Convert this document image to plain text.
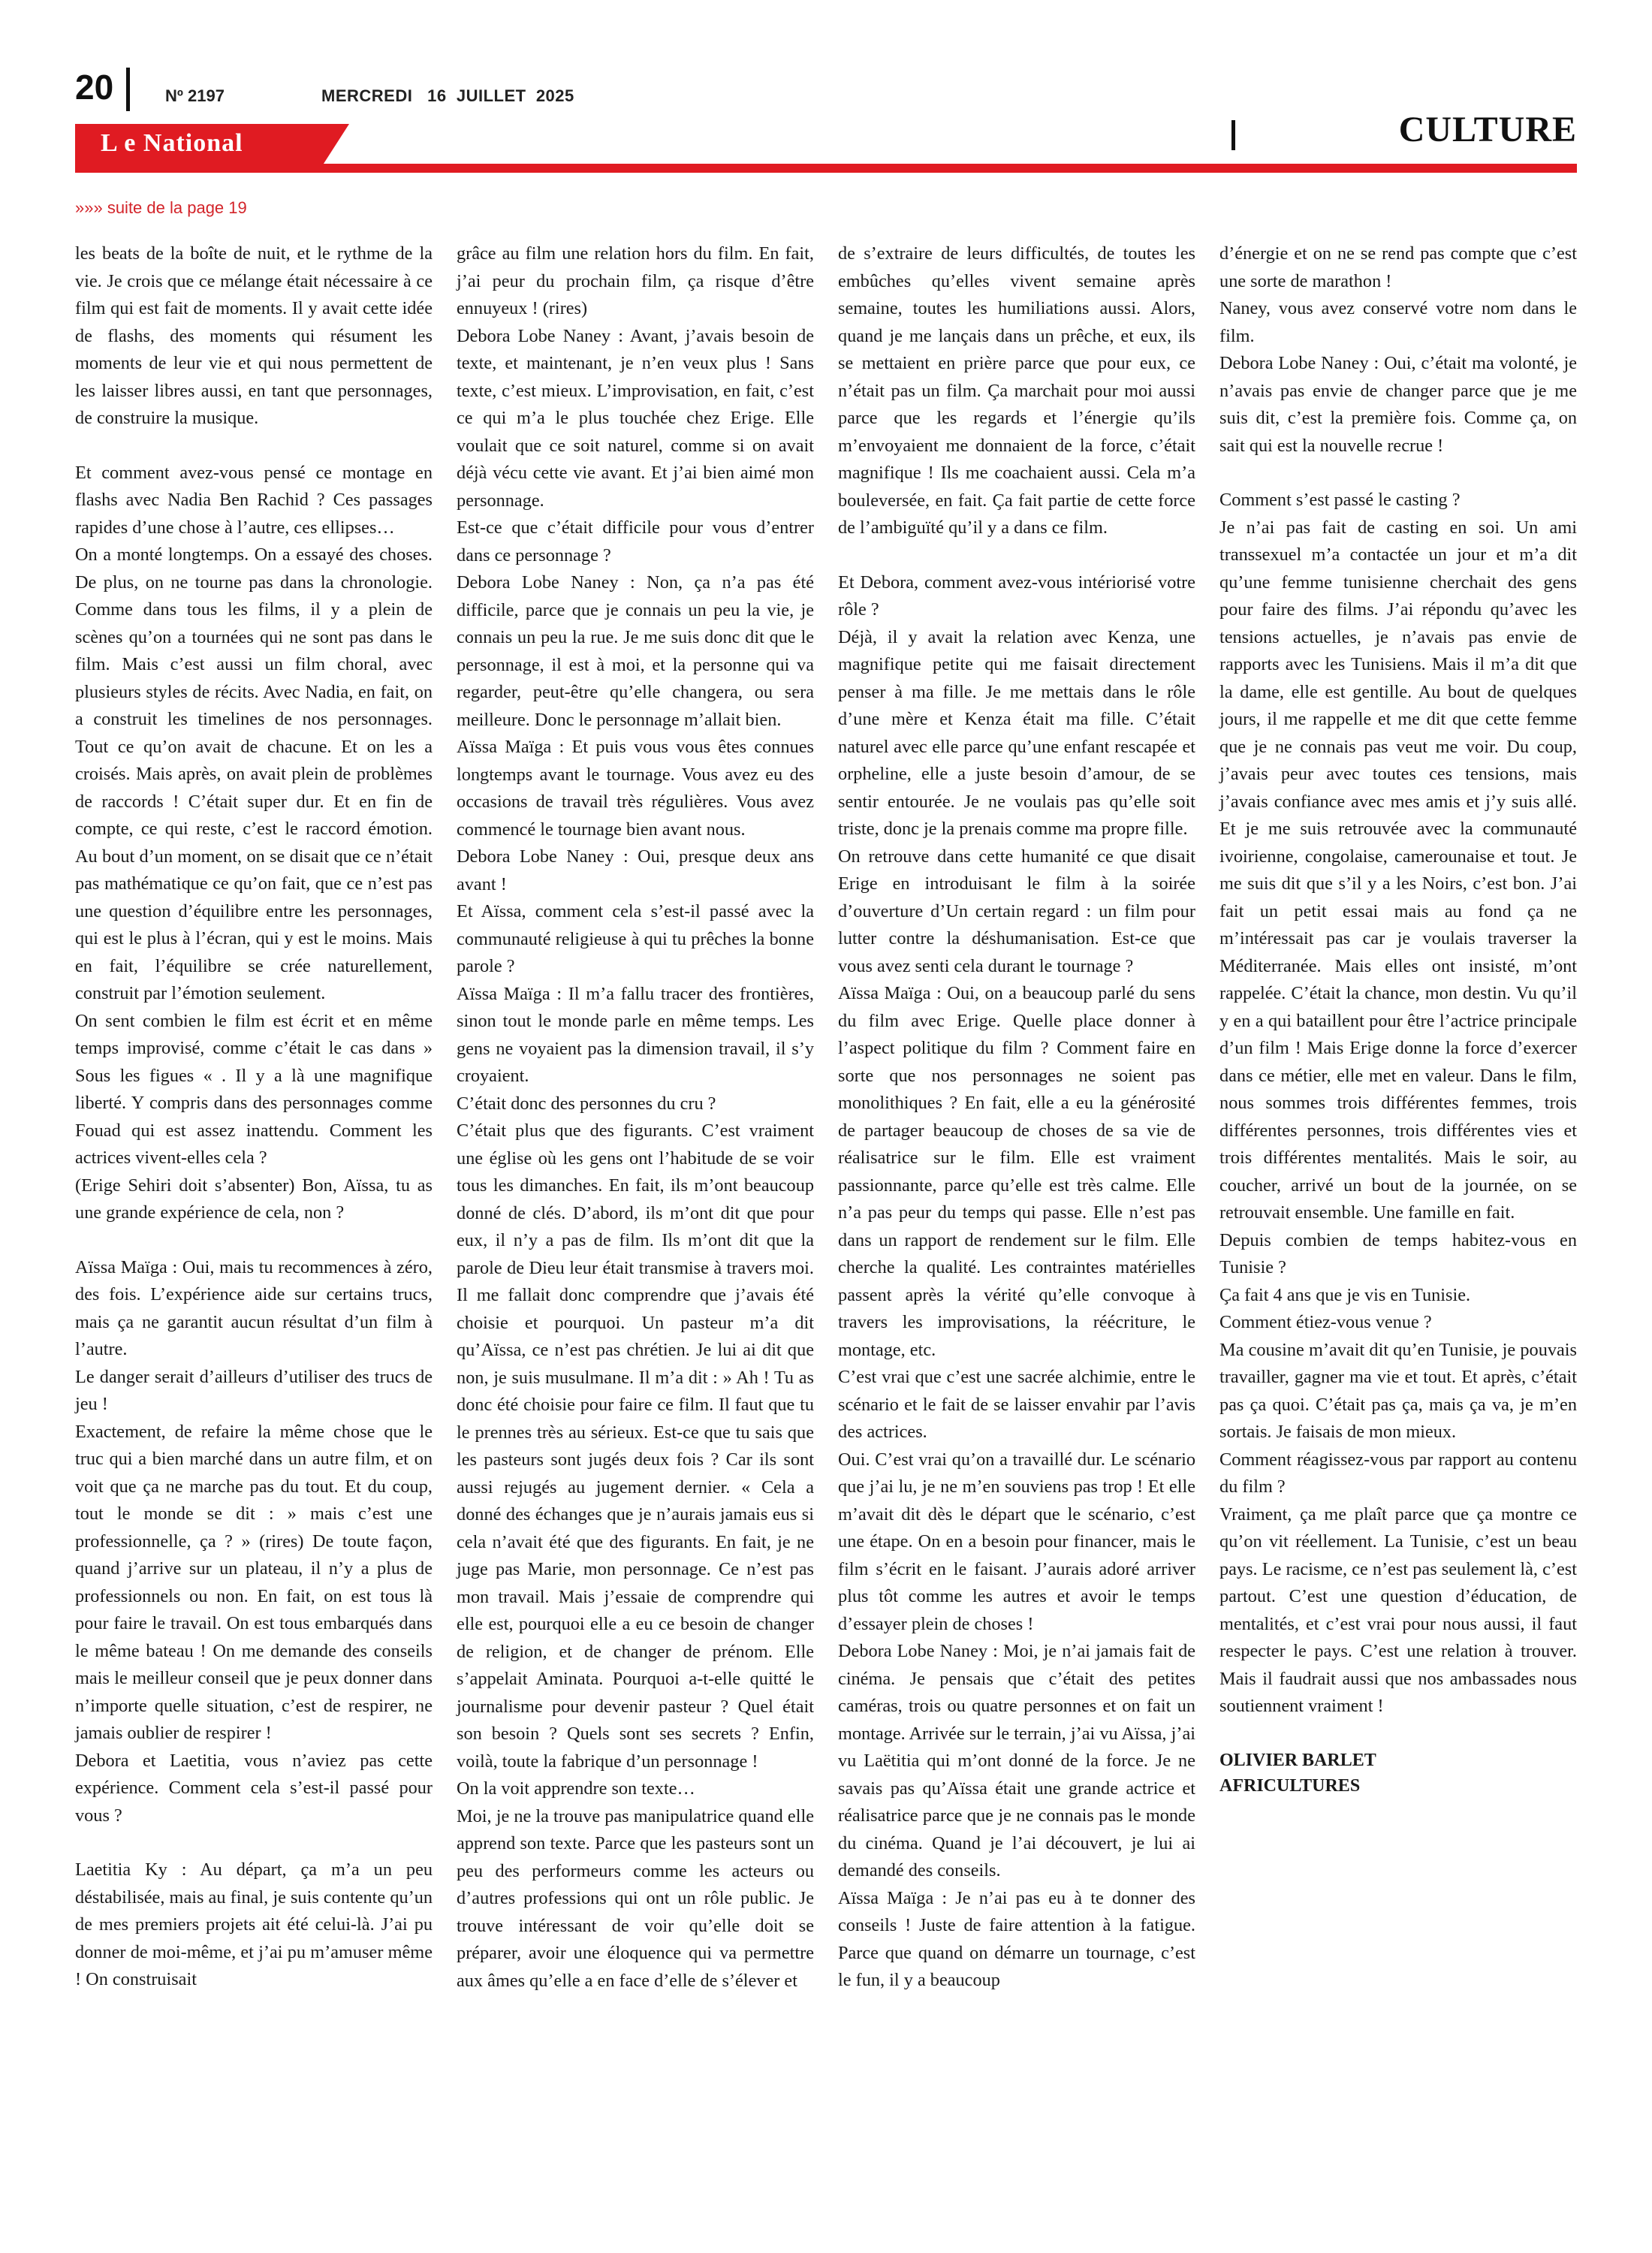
20	Nº 2197	MERCREDI   16  JUILLET  2025
L e National	CULTURE
»»» suite de la page 19

les beats de la boîte de nuit, et le rythme de la vie. Je crois que ce mélange était nécessaire à ce film qui est fait de moments. Il y avait cette idée de flashs, des moments qui résument les moments de leur vie et qui nous permettent de les laisser libres aussi, en tant que personnages, de construire la musique.

Et comment avez-vous pensé ce montage en flashs avec Nadia Ben Rachid ? Ces passages rapides d’une chose à l’autre, ces ellipses…

On a monté longtemps. On a essayé des choses. De plus, on ne tourne pas dans la chronologie. Comme dans tous les films, il y a plein de scènes qu’on a tournées qui ne sont pas dans le film. Mais c’est aussi un film choral, avec plusieurs styles de récits. Avec Nadia, en fait, on a construit les timelines de nos personnages. Tout ce qu’on avait de chacune. Et on les a croisés. Mais après, on avait plein de problèmes de raccords ! C’était super dur. Et en fin de compte, ce qui reste, c’est le raccord émotion. Au bout d’un moment, on se disait que ce n’était pas mathématique ce qu’on fait, que ce n’est pas une question d’équilibre entre les personnages, qui est le plus à l’écran, qui y est le moins. Mais en fait, l’équilibre se crée naturellement, construit par l’émotion seulement.

On sent combien le film est écrit et en même temps improvisé, comme c’était le cas dans » Sous les figues « . Il y a là une magnifique liberté. Y compris dans des personnages comme Fouad qui est assez inattendu. Comment les actrices vivent-elles cela ?

(Erige Sehiri doit s’absenter) Bon, Aïssa, tu as une grande expérience de cela, non ?

Aïssa Maïga : Oui, mais tu recommences à zéro, des fois. L’expérience aide sur certains trucs, mais ça ne garantit aucun résultat d’un film à l’autre.

Le danger serait d’ailleurs d’utiliser des trucs de jeu !

Exactement, de refaire la même chose que le truc qui a bien marché dans un autre film, et on voit que ça ne marche pas du tout. Et du coup, tout le monde se dit : » mais c’est une professionnelle, ça ? » (rires) De toute façon, quand j’arrive sur un plateau, il n’y a plus de professionnels ou non. En fait, on est tous là pour faire le travail. On est tous embarqués dans le même bateau ! On me demande des conseils mais le meilleur conseil que je peux donner dans n’importe quelle situation, c’est de respirer, ne jamais oublier de respirer !

Debora et Laetitia, vous n’aviez pas cette expérience. Comment cela s’est-il passé pour vous ?

Laetitia Ky : Au départ, ça m’a un peu déstabilisée, mais au final, je suis contente qu’un de mes premiers projets ait été celui-là. J’ai pu donner de moi-même, et j’ai pu m’amuser même ! On construisait

grâce au film une relation hors du film. En fait, j’ai peur du prochain film, ça risque d’être ennuyeux ! (rires)

Debora Lobe Naney : Avant, j’avais besoin de texte, et maintenant, je n’en veux plus ! Sans texte, c’est mieux. L’improvisation, en fait, c’est ce qui m’a le plus touchée chez Erige. Elle voulait que ce soit naturel, comme si on avait déjà vécu cette vie avant. Et j’ai bien aimé mon personnage.

Est-ce que c’était difficile pour vous d’entrer dans ce personnage ?

Debora Lobe Naney : Non, ça n’a pas été difficile, parce que je connais un peu la vie, je connais un peu la rue. Je me suis donc dit que le personnage, il est à moi, et la personne qui va regarder, peut-être qu’elle changera, ou sera meilleure. Donc le personnage m’allait bien.

Aïssa Maïga : Et puis vous vous êtes connues longtemps avant le tournage. Vous avez eu des occasions de travail très régulières. Vous avez commencé le tournage bien avant nous.

Debora Lobe Naney : Oui, presque deux ans avant !

Et Aïssa, comment cela s’est-il passé avec la communauté religieuse à qui tu prêches la bonne parole ?

Aïssa Maïga : Il m’a fallu tracer des frontières, sinon tout le monde parle en même temps. Les gens ne voyaient pas la dimension travail, il s’y croyaient.

C’était donc des personnes du cru ?

C’était plus que des figurants. C’est vraiment une église où les gens ont l’habitude de se voir tous les dimanches. En fait, ils m’ont beaucoup donné de clés. D’abord, ils m’ont dit que pour eux, il n’y a pas de film. Ils m’ont dit que la parole de Dieu leur était transmise à travers moi. Il me fallait donc comprendre que j’avais été choisie et pourquoi. Un pasteur m’a dit qu’Aïssa, ce n’est pas chrétien. Je lui ai dit que non, je suis musulmane. Il m’a dit : » Ah ! Tu as donc été choisie pour faire ce film. Il faut que tu le prennes très au sérieux. Est-ce que tu sais que les pasteurs sont jugés deux fois ? Car ils sont aussi rejugés au jugement dernier. « Cela a donné des échanges que je n’aurais jamais eus si cela n’avait été que des figurants. En fait, je ne juge pas Marie, mon personnage. Ce n’est pas mon travail. Mais j’essaie de comprendre qui elle est, pourquoi elle a eu ce besoin de changer de religion, et de changer de prénom. Elle s’appelait Aminata. Pourquoi a-t-elle quitté le journalisme pour devenir pasteur ? Quel était son besoin ? Quels sont ses secrets ? Enfin, voilà, toute la fabrique d’un personnage !

On la voit apprendre son texte…

Moi, je ne la trouve pas manipulatrice quand elle apprend son texte. Parce que les pasteurs sont un peu des performeurs comme les acteurs ou d’autres professions qui ont un rôle public. Je trouve intéressant de voir qu’elle doit se préparer, avoir une éloquence qui va permettre aux âmes qu’elle a en face d’elle de s’élever et

de s’extraire de leurs difficultés, de toutes les embûches qu’elles vivent semaine après semaine, toutes les humiliations aussi. Alors, quand je me lançais dans un prêche, et eux, ils se mettaient en prière parce que pour eux, ce n’était pas un film. Ça marchait pour moi aussi parce que les regards et l’énergie qu’ils m’envoyaient me donnaient de la force, c’était magnifique ! Ils me coachaient aussi. Cela m’a bouleversée, en fait. Ça fait partie de cette force de l’ambiguïté qu’il y a dans ce film.

Et Debora, comment avez-vous intériorisé votre rôle ?

Déjà, il y avait la relation avec Kenza, une magnifique petite qui me faisait directement penser à ma fille. Je me mettais dans le rôle d’une mère et Kenza était ma fille. C’était naturel avec elle parce qu’une enfant rescapée et orpheline, elle a juste besoin d’amour, de se sentir entourée. Je ne voulais pas qu’elle soit triste, donc je la prenais comme ma propre fille.

On retrouve dans cette humanité ce que disait Erige en introduisant le film à la soirée d’ouverture d’Un certain regard : un film pour lutter contre la déshumanisation. Est-ce que vous avez senti cela durant le tournage ?

Aïssa Maïga : Oui, on a beaucoup parlé du sens du film avec Erige. Quelle place donner à l’aspect politique du film ? Comment faire en sorte que nos personnages ne soient pas monolithiques ? En fait, elle a eu la générosité de partager beaucoup de choses de sa vie de réalisatrice sur le film. Elle est vraiment passionnante, parce qu’elle est très calme. Elle n’a pas peur du temps qui passe. Elle n’est pas dans un rapport de rendement sur le film. Elle cherche la qualité. Les contraintes matérielles passent après la vérité qu’elle convoque à travers les improvisations, la réécriture, le montage, etc.

C’est vrai que c’est une sacrée alchimie, entre le scénario et le fait de se laisser envahir par l’avis des actrices.

Oui. C’est vrai qu’on a travaillé dur. Le scénario que j’ai lu, je ne m’en souviens pas trop ! Et elle m’avait dit dès le départ que le scénario, c’est une étape. On en a besoin pour financer, mais le film s’écrit en le faisant. J’aurais adoré arriver plus tôt comme les autres et avoir le temps d’essayer plein de choses !

Debora Lobe Naney : Moi, je n’ai jamais fait de cinéma. Je pensais que c’était des petites caméras, trois ou quatre personnes et on fait un montage. Arrivée sur le terrain, j’ai vu Aïssa, j’ai vu Laëtitia qui m’ont donné de la force. Je ne savais pas qu’Aïssa était une grande actrice et réalisatrice parce que je ne connais pas le monde du cinéma. Quand je l’ai découvert, je lui ai demandé des conseils.

Aïssa Maïga : Je n’ai pas eu à te donner des conseils ! Juste de faire attention à la fatigue. Parce que quand on démarre un tournage, c’est le fun, il y a beaucoup

d’énergie et on ne se rend pas compte que c’est une sorte de marathon !

Naney, vous avez conservé votre nom dans le film.

Debora Lobe Naney : Oui, c’était ma volonté, je n’avais pas envie de changer parce que je me suis dit, c’est la première fois. Comme ça, on sait qui est la nouvelle recrue !

Comment s’est passé le casting ?

Je n’ai pas fait de casting en soi. Un ami transsexuel m’a contactée un jour et m’a dit qu’une femme tunisienne cherchait des gens pour faire des films. J’ai répondu qu’avec les tensions actuelles, je n’avais pas envie de rapports avec les Tunisiens. Mais il m’a dit que la dame, elle est gentille. Au bout de quelques jours, il me rappelle et me dit que cette femme que je ne connais pas veut me voir. Du coup, j’avais peur avec toutes ces tensions, mais j’avais confiance avec mes amis et j’y suis allé. Et je me suis retrouvée avec la communauté ivoirienne, congolaise, camerounaise et tout. Je me suis dit que s’il y a les Noirs, c’est bon. J’ai fait un petit essai mais au fond ça ne m’intéressait pas car je voulais traverser la Méditerranée. Mais elles ont insisté, m’ont rappelée. C’était la chance, mon destin. Vu qu’il y en a qui bataillent pour être l’actrice principale d’un film ! Mais Erige donne la force d’exercer dans ce métier, elle met en valeur. Dans le film, nous sommes trois différentes femmes, trois différentes personnes, trois différentes vies et trois différentes mentalités. Mais le soir, au coucher, arrivé un bout de la journée, on se retrouvait ensemble. Une famille en fait.

Depuis combien de temps habitez-vous en Tunisie ?

Ça fait 4 ans que je vis en Tunisie.

Comment étiez-vous venue ?

Ma cousine m’avait dit qu’en Tunisie, je pouvais travailler, gagner ma vie et tout. Et après, c’était pas ça quoi. C’était pas ça, mais ça va, je m’en sortais. Je faisais de mon mieux.

Comment réagissez-vous par rapport au contenu du film ?

Vraiment, ça me plaît parce que ça montre ce qu’on vit réellement. La Tunisie, c’est un beau pays. Le racisme, ce n’est pas seulement là, c’est partout. C’est une question d’éducation, de mentalités, et c’est vrai pour nous aussi, il faut respecter le pays. C’est une relation à trouver. Mais il faudrait aussi que nos ambassades nous soutiennent vraiment !

OLIVIER BARLET
AFRICULTURES
